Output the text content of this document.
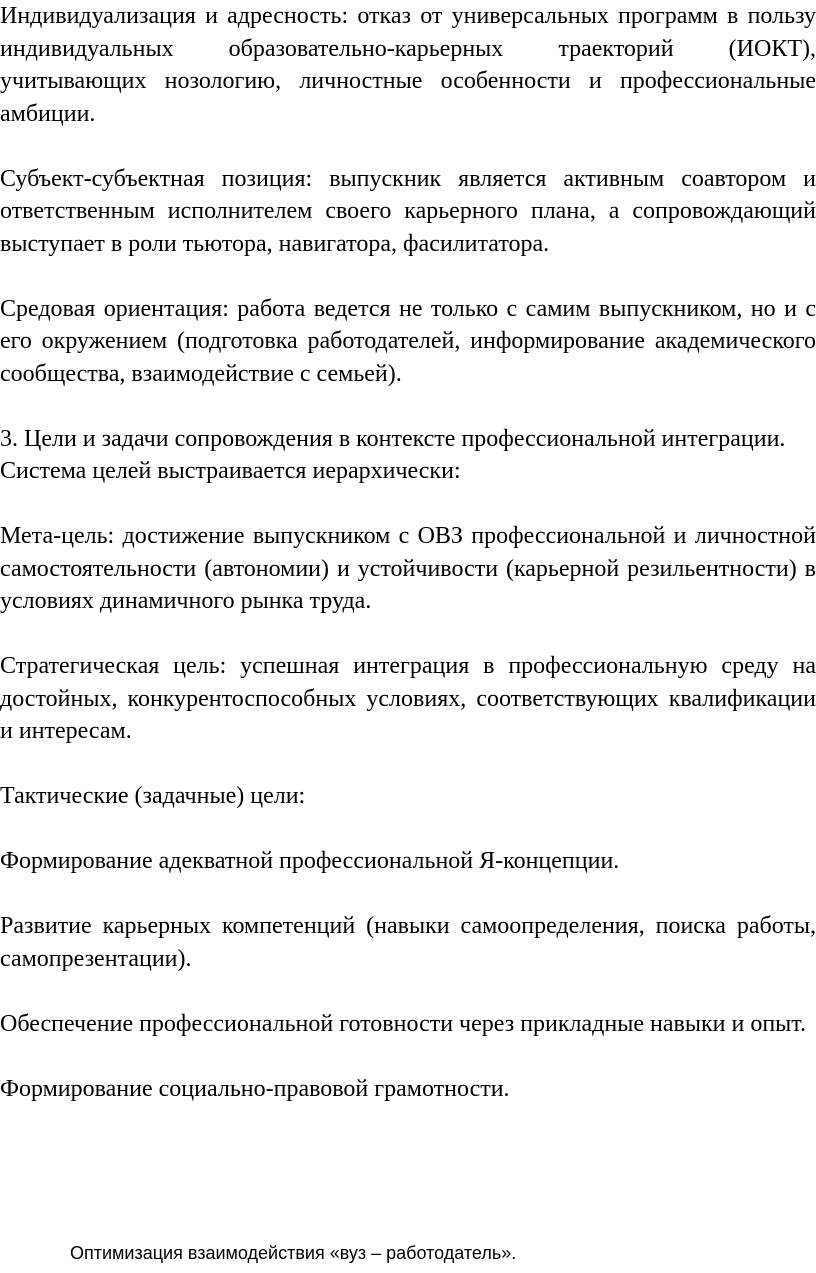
Индивидуализация и адресность: отказ от универсальных программ в пользу индивидуальных образовательно-карьерных траекторий (ИОКТ), учитывающих нозологию, личностные особенности и профессиональные амбиции.

Субъект-субъектная позиция: выпускник является активным соавтором и ответственным исполнителем своего карьерного плана, а сопровождающий выступает в роли тьютора, навигатора, фасилитатора.

Средовая ориентация: работа ведется не только с самим выпускником, но и с его окружением (подготовка работодателей, информирование академического сообщества, взаимодействие с семьей).

3. Цели и задачи сопровождения в контексте профессиональной интеграции.

Система целей выстраивается иерархически:

Мета-цель: достижение выпускником с ОВЗ профессиональной и личностной самостоятельности (автономии) и устойчивости (карьерной резильентности) в условиях динамичного рынка труда.

Стратегическая цель: успешная интеграция в профессиональную среду на достойных, конкурентоспособных условиях, соответствующих квалификации и интересам.

Тактические (задачные) цели:

Формирование адекватной профессиональной Я-концепции.

Развитие карьерных компетенций (навыки самоопределения, поиска работы, самопрезентации).

Обеспечение профессиональной готовности через прикладные навыки и опыт.

Формирование социально-правовой грамотности.

Оптимизация взаимодействия «вуз – работодатель».
